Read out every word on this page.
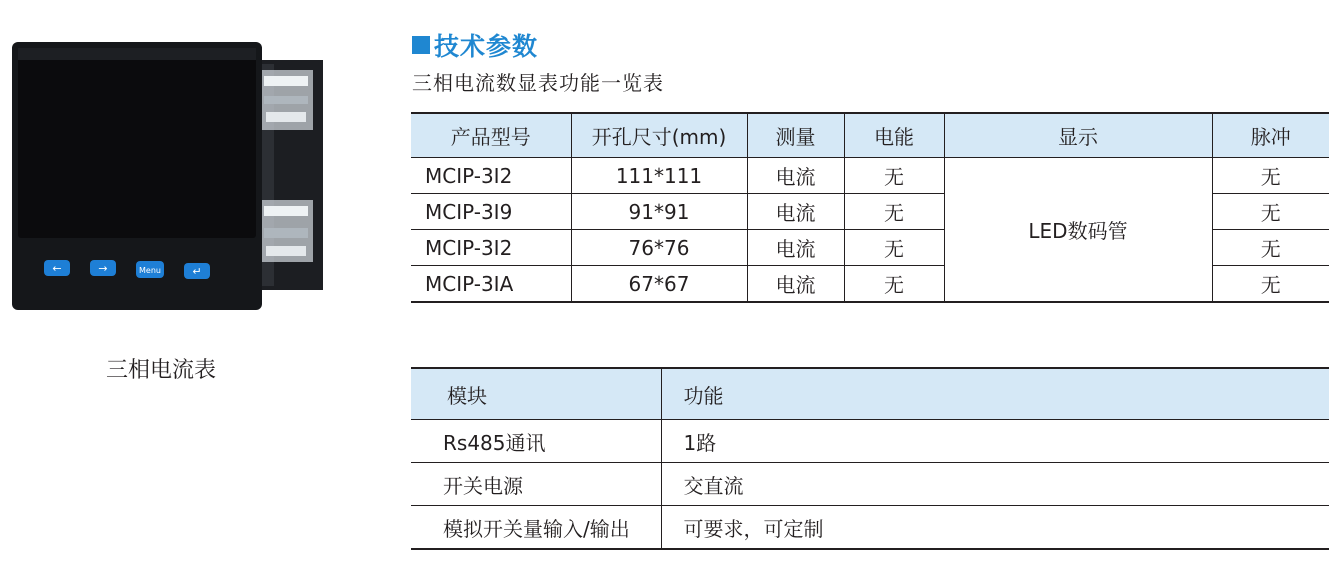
←	→	Menu	↵
三相电流表
技术参数
三相电流数显表功能一览表
产品型号	开孔尺寸(mm)	测量	电能	显示	脉冲
MCIP-3I2	111*111	电流	无	LED数码管	无
MCIP-3I9	91*91	电流	无		无
MCIP-3I2	76*76	电流	无		无
MCIP-3IA	67*67	电流	无		无
模块	功能
Rs485通讯	1路
开关电源	交直流
模拟开关量输入/输出	可要求，可定制
